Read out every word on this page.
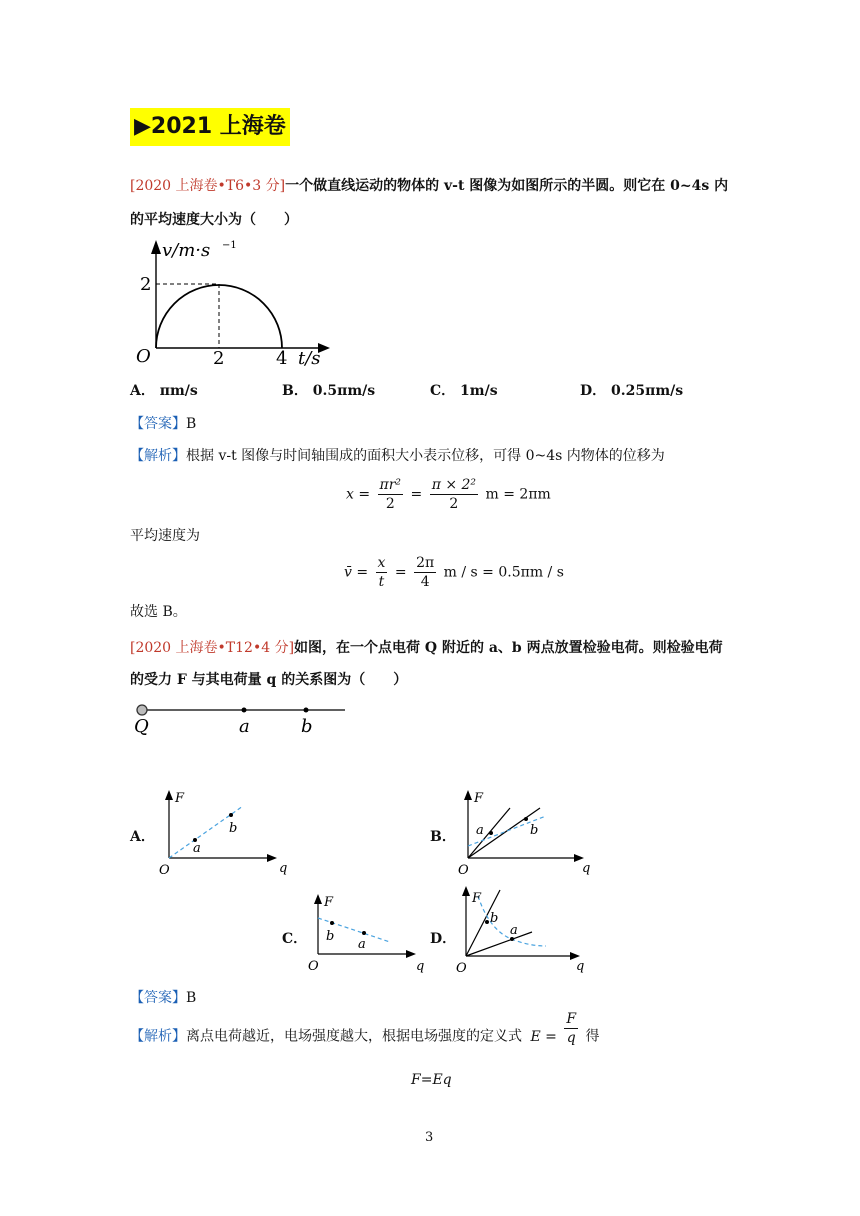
▶2021 上海卷
[2020 上海卷•T6•3 分]一个做直线运动的物体的 v-t 图像为如图所示的半圆。则它在 0~4s 内
的平均速度大小为（　　）
v/m·s −1
2
O	2	4 t/s
A． πm/s	B． 0.5πm/s	C． 1m/s	D． 0.25πm/s
【答案】B
【解析】根据 v-t 图像与时间轴围成的面积大小表示位移，可得 0~4s 内物体的位移为
$x = \frac{\text{πr²}}{2} = \frac{\text{π × 2²}}{2}$ m = 2πm
平均速度为
v̄ = $\frac{x}{t} = \frac{2\pi}{4}$ m / s = 0.5πm / s
故选 B。
[2020 上海卷•T12•4 分]如图，在一个点电荷 Q 附近的 a、b 两点放置检验电荷。则检验电荷
的受力 F 与其电荷量 q 的关系图为（　　）
Q	a	b
A．
F
q
O
a
b
B．
F
q
O
a	b
C．
F
q
O
b
a	D．
F
q
O
b
a
【答案】B
【解析】离点电荷越近，电场强度越大，根据电场强度的定义式 $E = \frac{F}{q}$ 得
F=Eq
3
